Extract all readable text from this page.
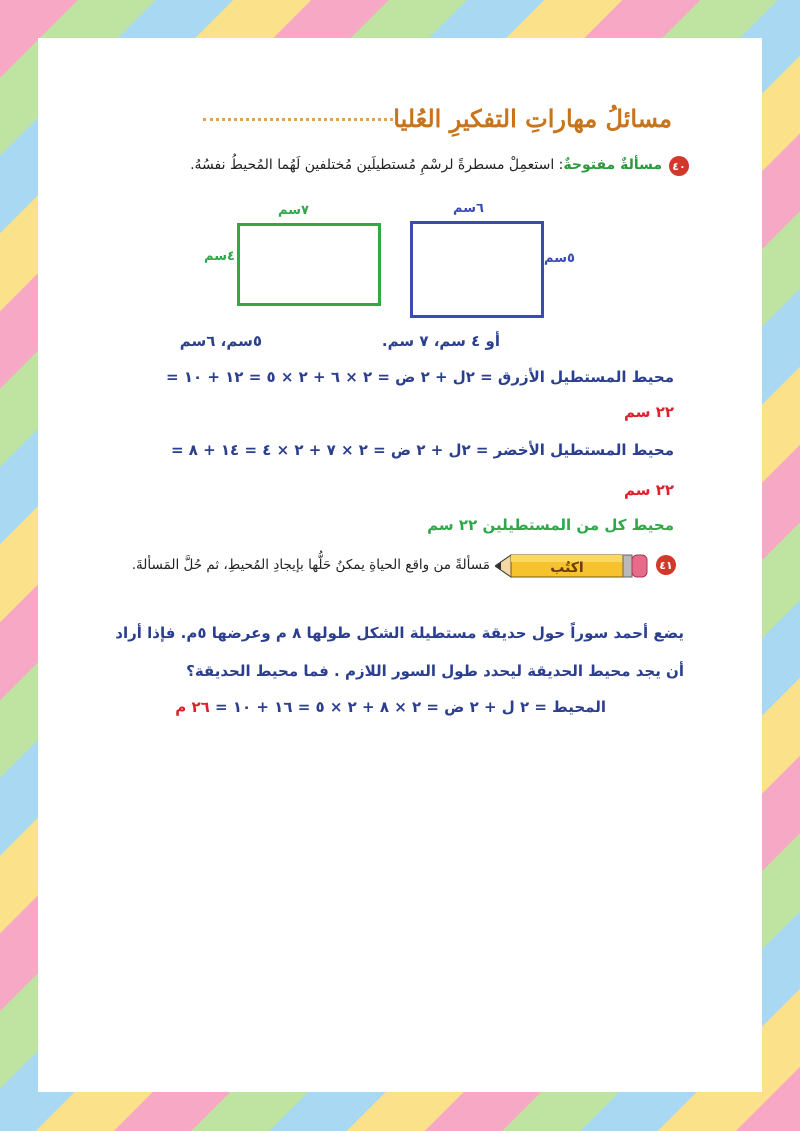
مسائلُ مهاراتِ التفكيرِ العُليا
٤٠
مسألةٌ مفتوحةٌ: استعمِلْ مسطرةً لرسْمِ مُستطيلَين مُختلفين لَهُما المُحيطُ نفسُهُ.
٧سم
٤سم
٦سم
٥سم
أو ٤ سم، ٧ سم.
٥سم، ٦سم
محيط المستطيل الأزرق = ٢ل + ٢ ض = ٢ × ٦ + ٢ × ٥ = ١٢ + ١٠ =
٢٢ سم
محيط المستطيل الأخضر = ٢ل + ٢ ض = ٢ × ٧ + ٢ × ٤ = ١٤ + ٨ =
٢٢ سم
محيط كل من المستطيلين ٢٢ سم
٤١
اكتُب
مَسألةً من واقع الحياةِ يمكنُ حَلُّها بإيجادِ المُحيطِ، ثم حُلَّ المَسألةَ.
يضع أحمد سوراً حول حديقة مستطيلة الشكل طولها ٨ م وعرضها ٥م. فإذا أراد
أن يجد محيط الحديقة ليحدد طول السور اللازم . فما محيط الحديقة؟
المحيط = ٢ ل + ٢ ض = ٢ × ٨ + ٢ × ٥ = ١٦ + ١٠ = ٢٦ م
